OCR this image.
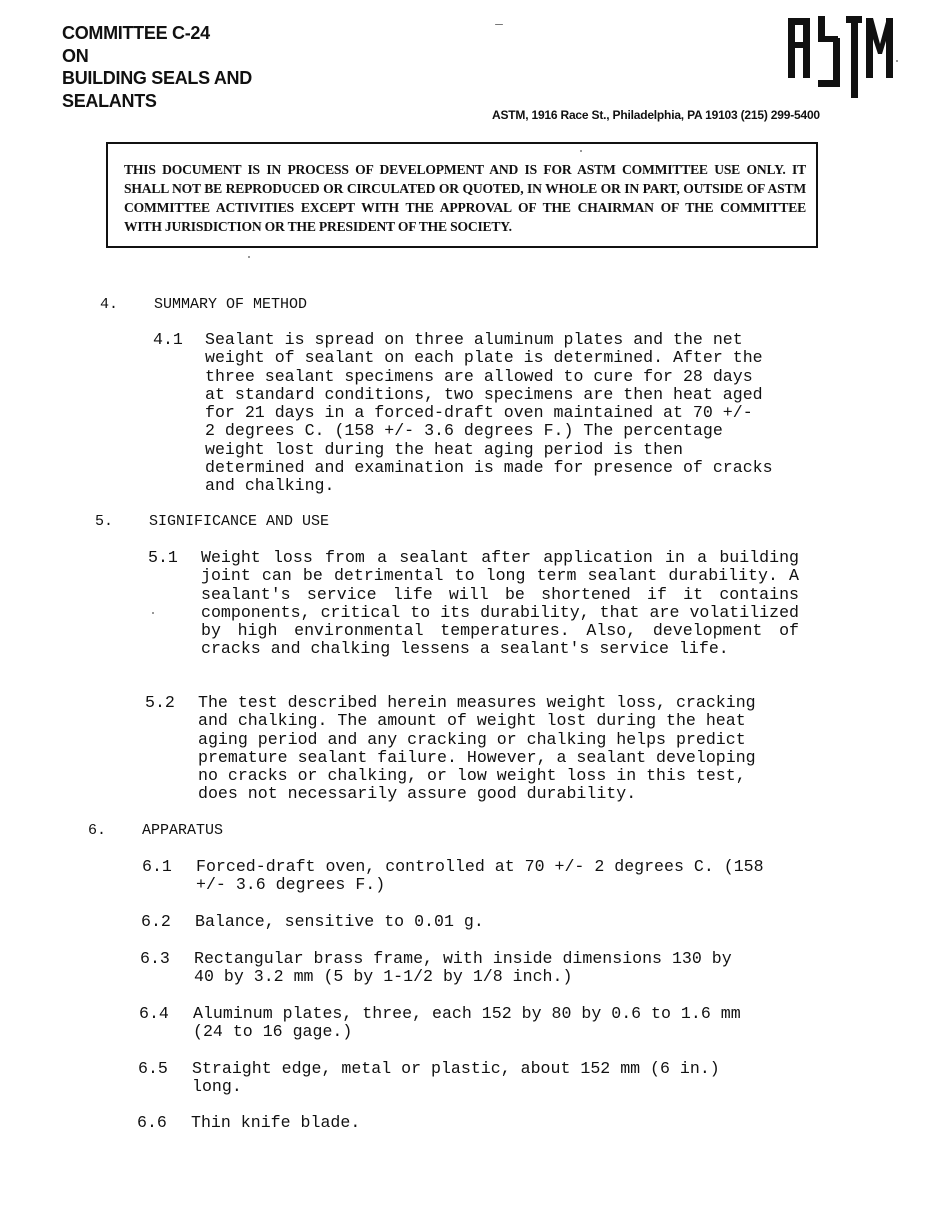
COMMITTEE C-24
ON
BUILDING SEALS AND
SEALANTS
ASTM, 1916 Race St., Philadelphia, PA 19103 (215) 299-5400
THIS DOCUMENT IS IN PROCESS OF DEVELOPMENT AND IS FOR ASTM COMMITTEE USE ONLY. IT SHALL NOT BE REPRODUCED OR CIRCULATED OR QUOTED, IN WHOLE OR IN PART, OUTSIDE OF ASTM COMMITTEE ACTIVITIES EXCEPT WITH THE APPROVAL OF THE CHAIRMAN OF THE COMMITTEE WITH JURISDICTION OR THE PRESIDENT OF THE SOCIETY.
4. SUMMARY OF METHOD
4.1 Sealant is spread on three aluminum plates and the net
weight of sealant on each plate is determined. After the
three sealant specimens are allowed to cure for 28 days
at standard conditions, two specimens are then heat aged
for 21 days in a forced-draft oven maintained at 70 +/-
2 degrees C. (158 +/- 3.6 degrees F.) The percentage
weight lost during the heat aging period is then
determined and examination is made for presence of cracks
and chalking.
5. SIGNIFICANCE AND USE
5.1 Weight loss from a sealant after application in a building joint can be detrimental to long term sealant durability. A sealant's service life will be shortened if it contains components, critical to its durability, that are volatilized by high environmental temperatures. Also, development of cracks and chalking lessens a sealant's service life.
5.2 The test described herein measures weight loss, cracking
and chalking. The amount of weight lost during the heat
aging period and any cracking or chalking helps predict
premature sealant failure. However, a sealant developing
no cracks or chalking, or low weight loss in this test,
does not necessarily assure good durability.
6. APPARATUS
6.1 Forced-draft oven, controlled at 70 +/- 2 degrees C. (158
+/- 3.6 degrees F.)
6.2 Balance, sensitive to 0.01 g.
6.3 Rectangular brass frame, with inside dimensions 130 by
40 by 3.2 mm (5 by 1-1/2 by 1/8 inch.)
6.4 Aluminum plates, three, each 152 by 80 by 0.6 to 1.6 mm
(24 to 16 gage.)
6.5 Straight edge, metal or plastic, about 152 mm (6 in.)
long.
6.6 Thin knife blade.
